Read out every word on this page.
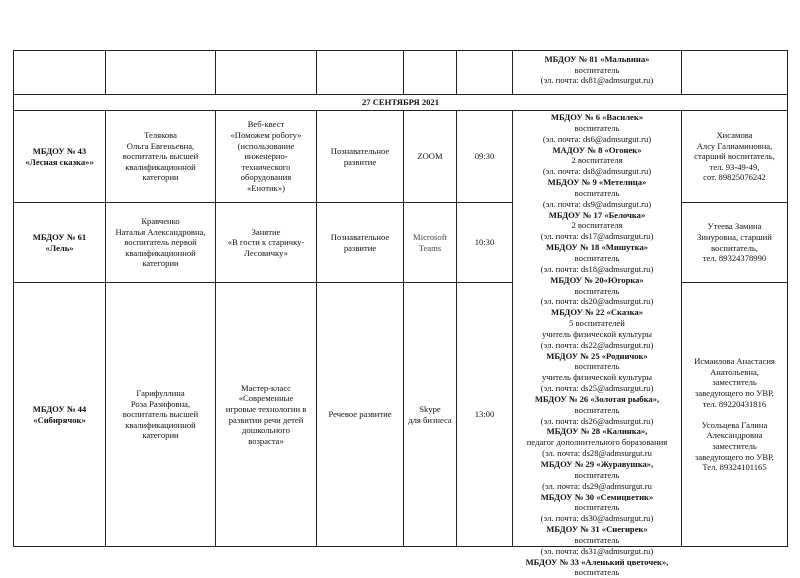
МБДОУ № 81 «Мальвина»
воспитатель
(эл. почта: ds81@admsurgut.ru)
27 СЕНТЯБРЯ 2021
МБДОУ № 43
«Лесная сказка»»
Телякова
Ольга Евгеньевна,
воспитатель высшей
квалификационной категории
Веб-квест
«Поможем роботу»
(использование
инженерно-
технического
оборудования
«Енотик»)
Познавательное
развитие
ZOOM	09:30
Хисамова
Алсу Галиаминовна,
старший воспитатель,
тел. 93-49-49,
сот. 89825076242
МБДОУ № 61
«Лель»
Кравченко
Наталья Александровна,
воспитатель первой
квалификационной категории
Занятие
«В гости к старичку-
Лесовичку»
Познавательное
развитие
Microsoft
Teams
10:30
Утеева Замина
Зинуровна, старший
воспитатель,
тел. 89324378990
МБДОУ № 44
«Сибирячок»
Гарифуллина
Роза Разифовна,
воспитатель высшей
квалификационной категории
Мастер-класс
«Современные
игровые технологии в
развитии речи детей
дошкольного
возраста»
Речевое развитие
Skype
для бизнеса
13:00
Исмаилова Анастасия
Анатольевна,
заместитель
заведующего по УВР,
тел. 89220431816

Усольцева Галина
Александровна
заместитель
заведующего по УВР,
Тел. 89324101165
МБДОУ № 6 «Василек»
воспитатель
(эл. почта: ds6@admsurgut.ru)
МАДОУ № 8 «Огонек»
2 воспитателя
(эл. почта: ds8@admsurgut.ru)
МБДОУ № 9 «Метелица»
воспитатель
(эл. почта: ds9@admsurgut.ru)
МБДОУ № 17 «Белочка»
2 воспитателя
(эл. почта: ds17@admsurgut.ru)
МБДОУ № 18 «Мишутка»
воспитатель
(эл. почта: ds18@admsurgut.ru)
МБДОУ № 20«Югорка»
воспитатель
(эл. почта: ds20@admsurgut.ru)
МБДОУ № 22 «Сказка»
5 воспитателей
учитель физической культуры
(эл. почта: ds22@admsurgut.ru)
МБДОУ № 25 «Родничок»
воспитатель
учитель физической культуры
(эл. почта: ds25@admsurgut.ru)
МБДОУ № 26 «Золотая рыбка»,
воспитатель
(эл. почта: ds26@admsurgut.ru)
МБДОУ № 28 «Калинка»,
педагог дополнительного боразования
(эл. почта: ds28@admsurgut.ru
МБДОУ № 29 «Журавушка»,
воспитатель
(эл. почта: ds29@admsurgut.ru
МБДОУ № 30 «Семицветик»
воспитатель
(эл. почта: ds30@admsurgut.ru)
МБДОУ № 31 «Снегирек»
воспитатель
(эл. почта: ds31@admsurgut.ru)
МБДОУ № 33 «Аленький цветочек»,
воспитатель
